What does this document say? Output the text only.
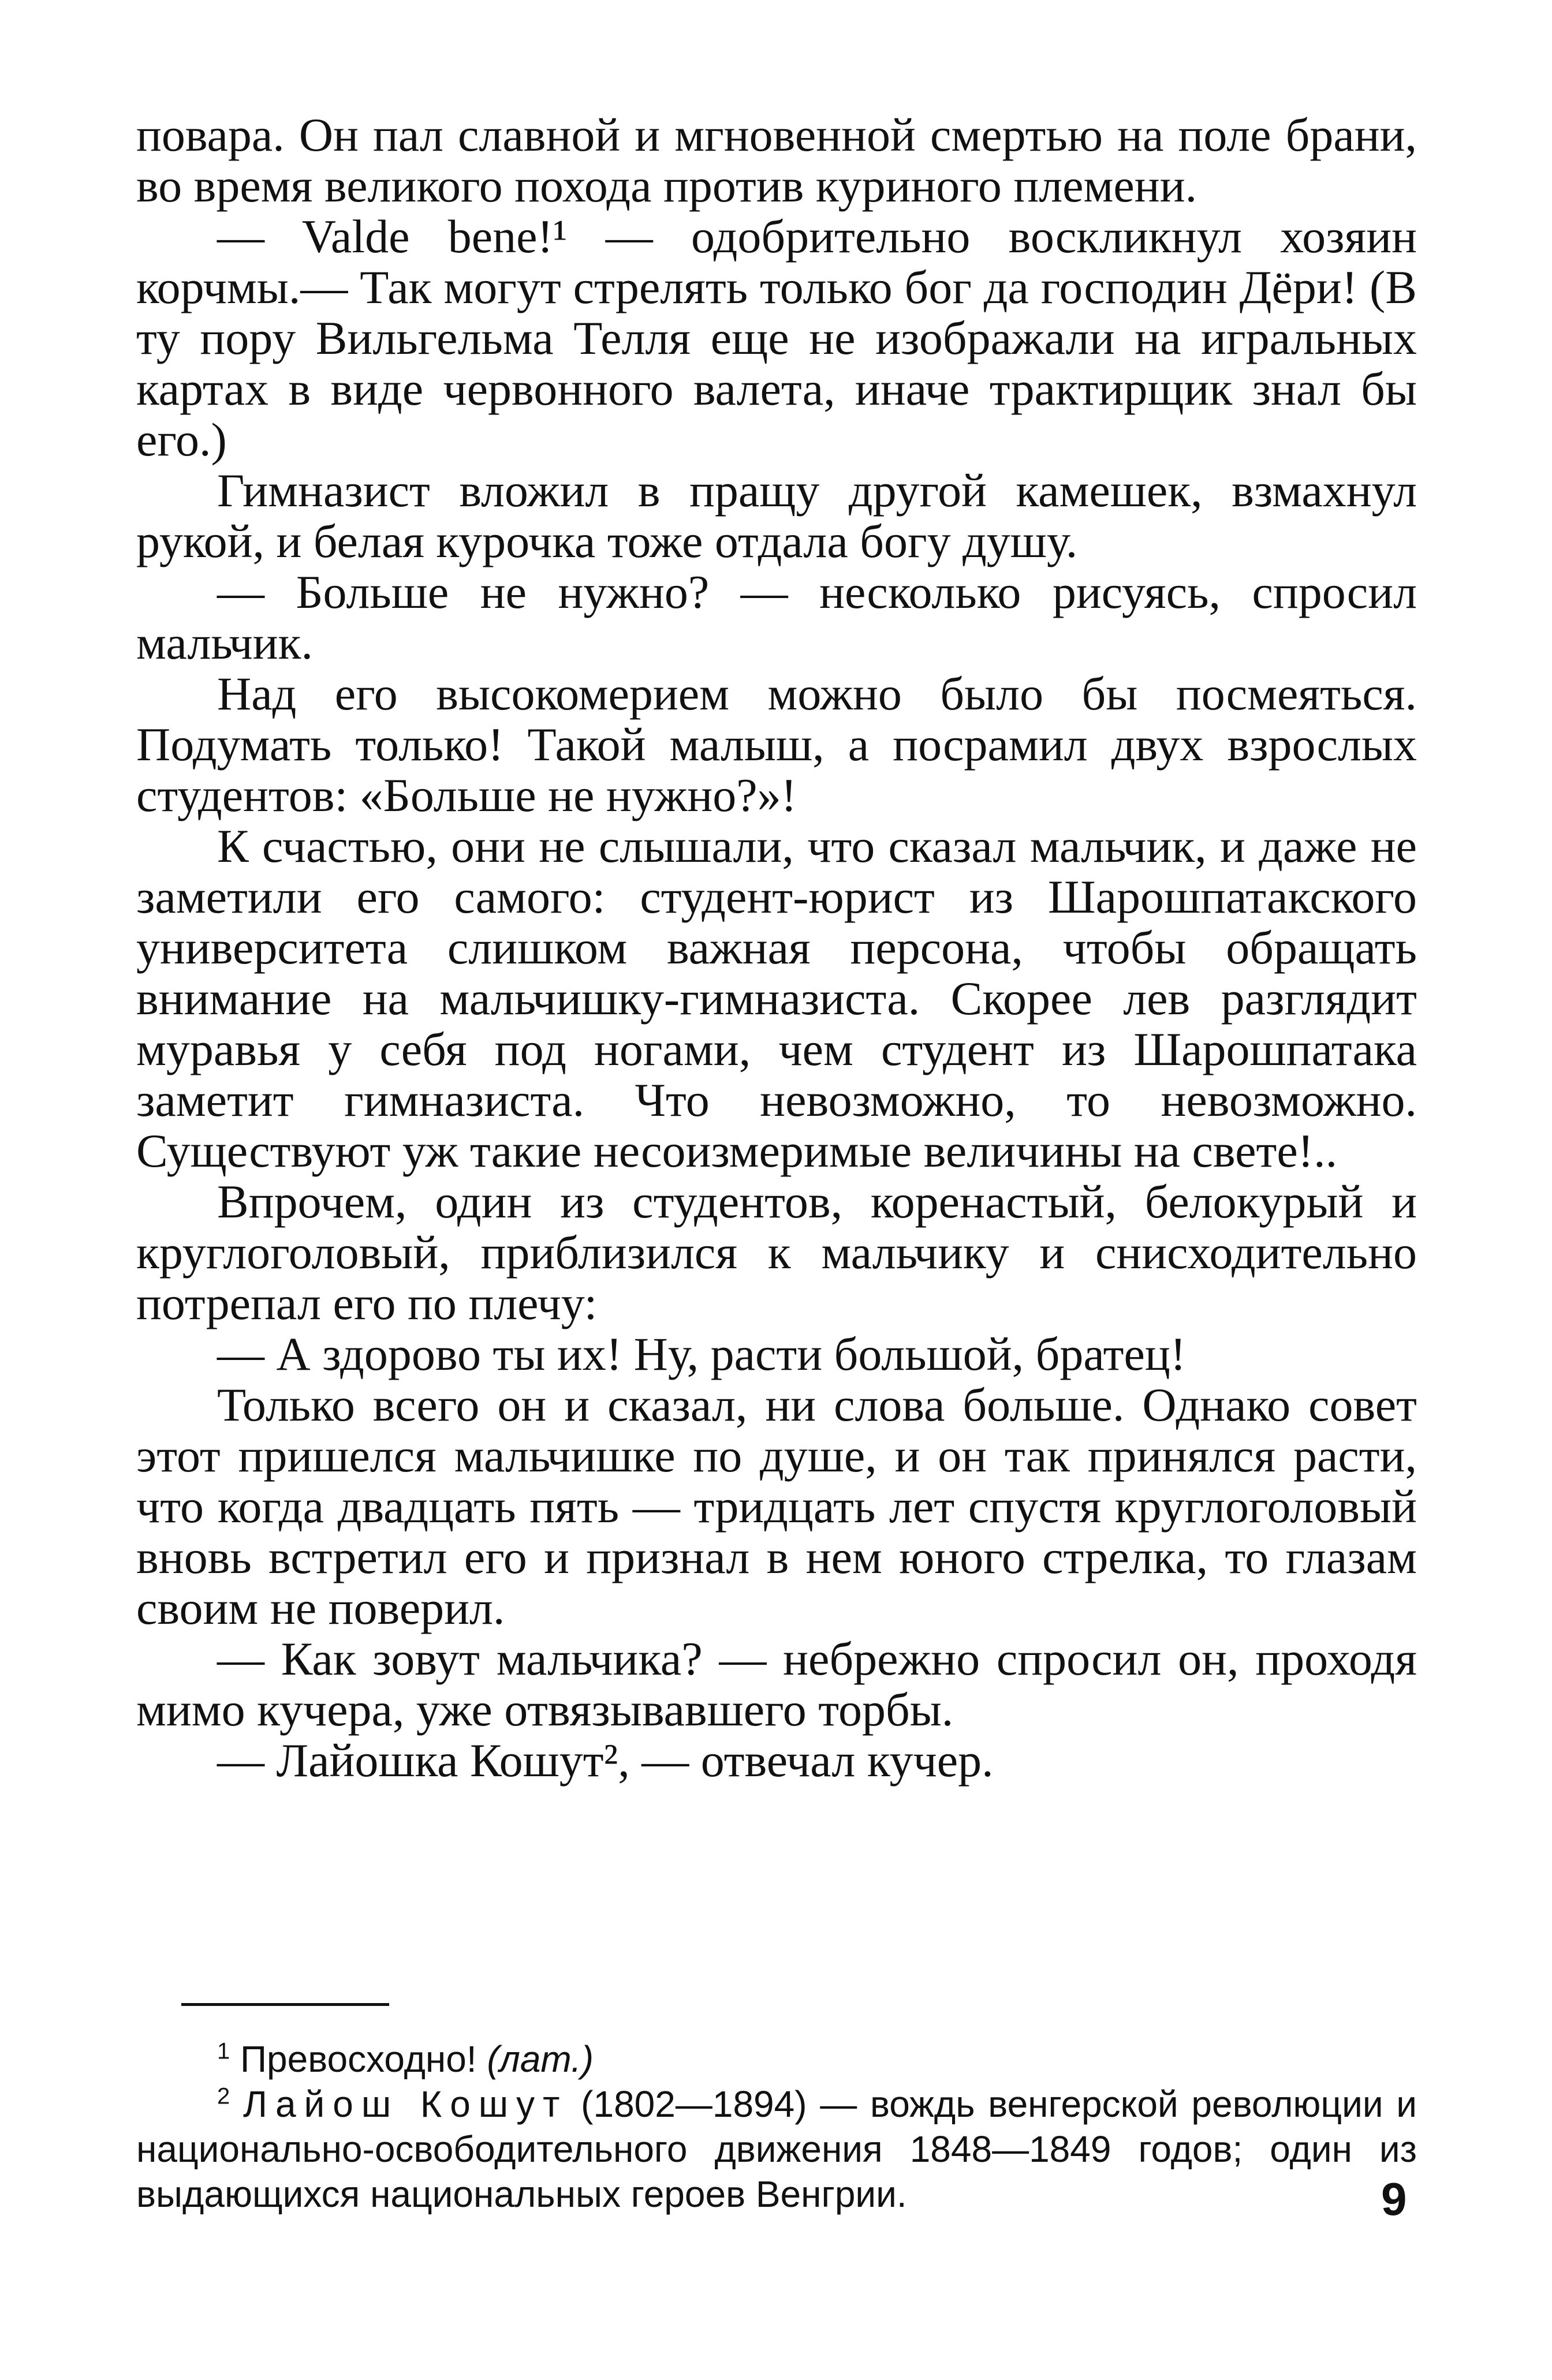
повара. Он пал славной и мгновенной смертью на поле брани, во время великого похода против куриного племени.

— Valde bene!¹ — одобрительно воскликнул хозяин корчмы.— Так могут стрелять только бог да господин Дёри! (В ту пору Вильгельма Телля еще не изображали на игральных картах в виде червонного валета, иначе трактирщик знал бы его.)

Гимназист вложил в пращу другой камешек, взмахнул рукой, и белая курочка тоже отдала богу душу.

— Больше не нужно? — несколько рисуясь, спросил мальчик.

Над его высокомерием можно было бы посмеяться. Подумать только! Такой малыш, а посрамил двух взрослых студентов: «Больше не нужно?»!

К счастью, они не слышали, что сказал мальчик, и даже не заметили его самого: студент-юрист из Шарошпатакского университета слишком важная персона, чтобы обращать внимание на мальчишку-гимназиста. Скорее лев разглядит муравья у себя под ногами, чем студент из Шарошпатака заметит гимназиста. Что невозможно, то невозможно. Существуют уж такие несоизмеримые величины на свете!..

Впрочем, один из студентов, коренастый, белокурый и круглоголовый, приблизился к мальчику и снисходительно потрепал его по плечу:

— А здорово ты их! Ну, расти большой, братец!

Только всего он и сказал, ни слова больше. Однако совет этот пришелся мальчишке по душе, и он так принялся расти, что когда двадцать пять — тридцать лет спустя круглоголовый вновь встретил его и признал в нем юного стрелка, то глазам своим не поверил.

— Как зовут мальчика? — небрежно спросил он, проходя мимо кучера, уже отвязывавшего торбы.

— Лайошка Кошут², — отвечал кучер.

$^1$ Превосходно! (лат.)

$^2$ Лайош Кошут (1802—1894) — вождь венгерской революции и национально-освободительного движения 1848—1849 годов; один из выдающихся национальных героев Венгрии.	9
